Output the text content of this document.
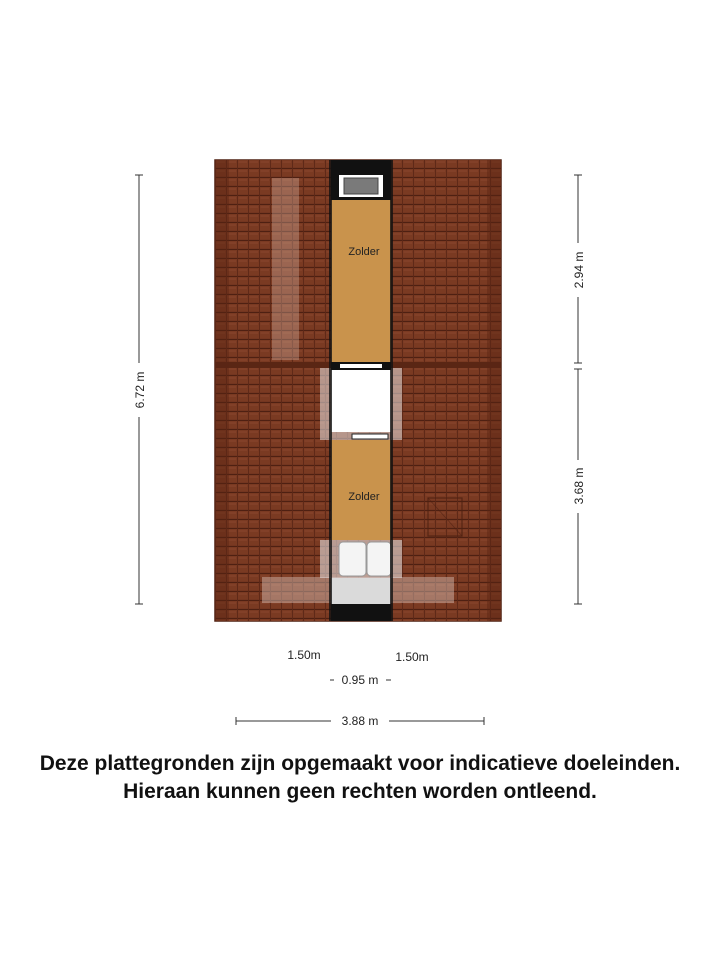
Zolder
Zolder
6.72 m
2.94 m
3.68 m
1.50m	1.50m
0.95 m
3.88 m
Deze plattegronden zijn opgemaakt voor indicatieve doeleinden.
Hieraan kunnen geen rechten worden ontleend.
